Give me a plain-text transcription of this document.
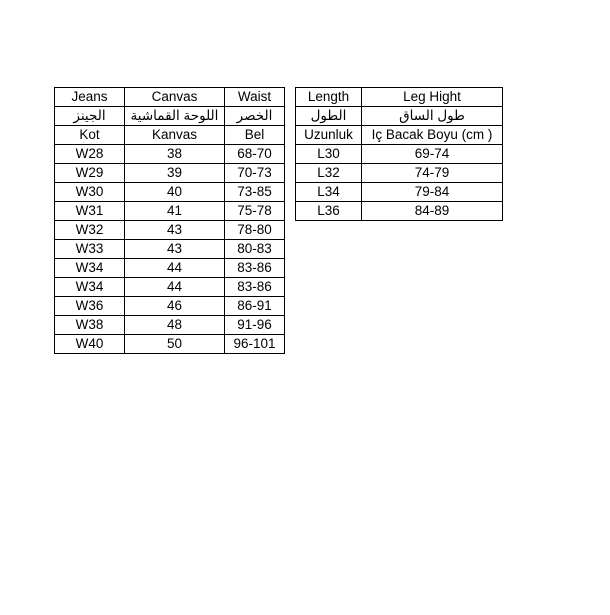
Jeans	Canvas	Waist
الجينز	اللوحة القماشية	الخصر
Kot	Kanvas	Bel
W28	38	68-70
W29	39	70-73
W30	40	73-85
W31	41	75-78
W32	43	78-80
W33	43	80-83
W34	44	83-86
W34	44	83-86
W36	46	86-91
W38	48	91-96
W40	50	96-101
Length	Leg Hight
الطول	طول الساق
Uzunluk	Iç Bacak Boyu (cm )
L30	69-74
L32	74-79
L34	79-84
L36	84-89
